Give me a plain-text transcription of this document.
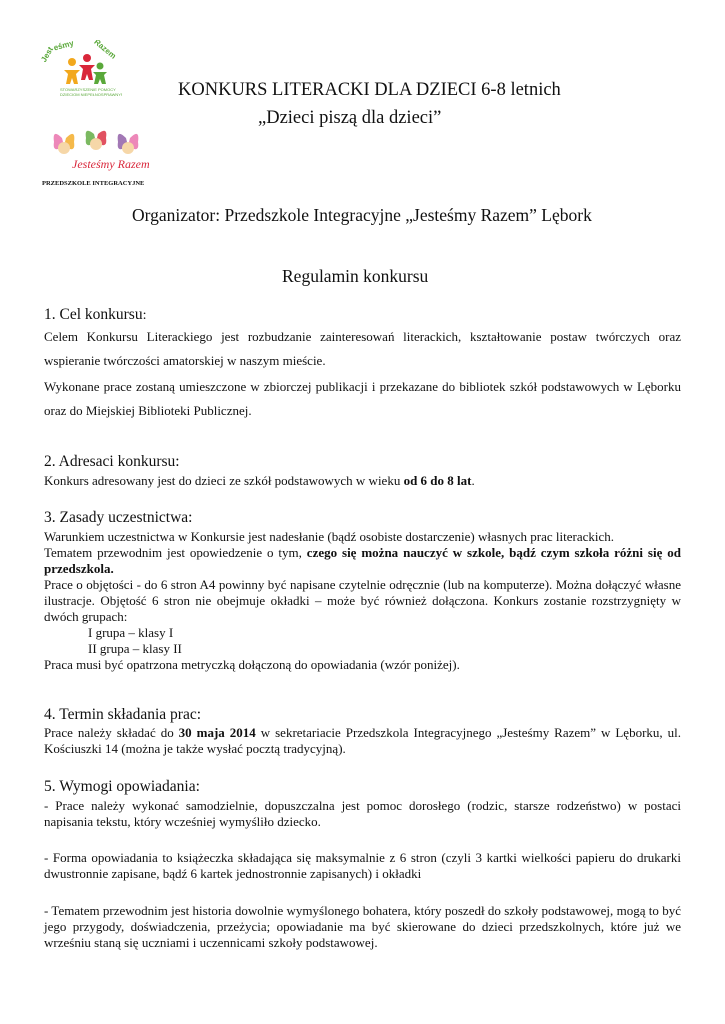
Jest
eśmy Razem
STOWARZYSZENIE POMOCY
DZIECIOM NIEPEŁNOSPRAWNYM
Jesteśmy Razem
PRZEDSZKOLE INTEGRACYJNE
KONKURS LITERACKI DLA DZIECI 6-8 letnich
„Dzieci piszą dla dzieci”
Organizator: Przedszkole Integracyjne „Jesteśmy Razem” Lębork
Regulamin konkursu
1. Cel konkursu:
Celem Konkursu Literackiego jest rozbudzanie zainteresowań literackich, kształtowanie postaw twórczych oraz wspieranie twórczości amatorskiej w naszym mieście.
Wykonane prace zostaną umieszczone w zbiorczej publikacji i przekazane do bibliotek szkół podstawowych w Lęborku oraz do Miejskiej Biblioteki Publicznej.
2. Adresaci konkursu:
Konkurs adresowany jest do dzieci ze szkół podstawowych w wieku od 6 do 8 lat.
3. Zasady uczestnictwa:
Warunkiem uczestnictwa w Konkursie jest nadesłanie (bądź osobiste dostarczenie) własnych prac literackich.
Tematem przewodnim jest opowiedzenie o tym, czego się można nauczyć w szkole, bądź czym szkoła różni się od przedszkola.
Prace o objętości - do 6 stron A4 powinny być napisane czytelnie odręcznie (lub na komputerze). Można dołączyć własne ilustracje. Objętość 6 stron nie obejmuje okładki – może być również dołączona. Konkurs zostanie rozstrzygnięty w dwóch grupach:
I grupa – klasy I
II grupa – klasy II
Praca musi być opatrzona metryczką dołączoną do opowiadania (wzór poniżej).
4. Termin składania prac:
Prace należy składać do 30 maja 2014 w sekretariacie Przedszkola Integracyjnego „Jesteśmy Razem” w Lęborku, ul. Kościuszki 14 (można je także wysłać pocztą tradycyjną).
5. Wymogi opowiadania:
- Prace należy wykonać samodzielnie, dopuszczalna jest pomoc dorosłego (rodzic, starsze rodzeństwo) w postaci napisania tekstu, który wcześniej wymyśliło dziecko.
- Forma opowiadania to książeczka składająca się maksymalnie z 6 stron (czyli 3 kartki wielkości papieru do drukarki dwustronnie zapisane, bądź 6 kartek jednostronnie zapisanych) i okładki
- Tematem przewodnim jest historia dowolnie wymyślonego bohatera, który poszedł do szkoły podstawowej, mogą to być jego przygody, doświadczenia, przeżycia; opowiadanie ma być skierowane do dzieci przedszkolnych, które już we wrześniu staną się uczniami i uczennicami szkoły podstawowej.
